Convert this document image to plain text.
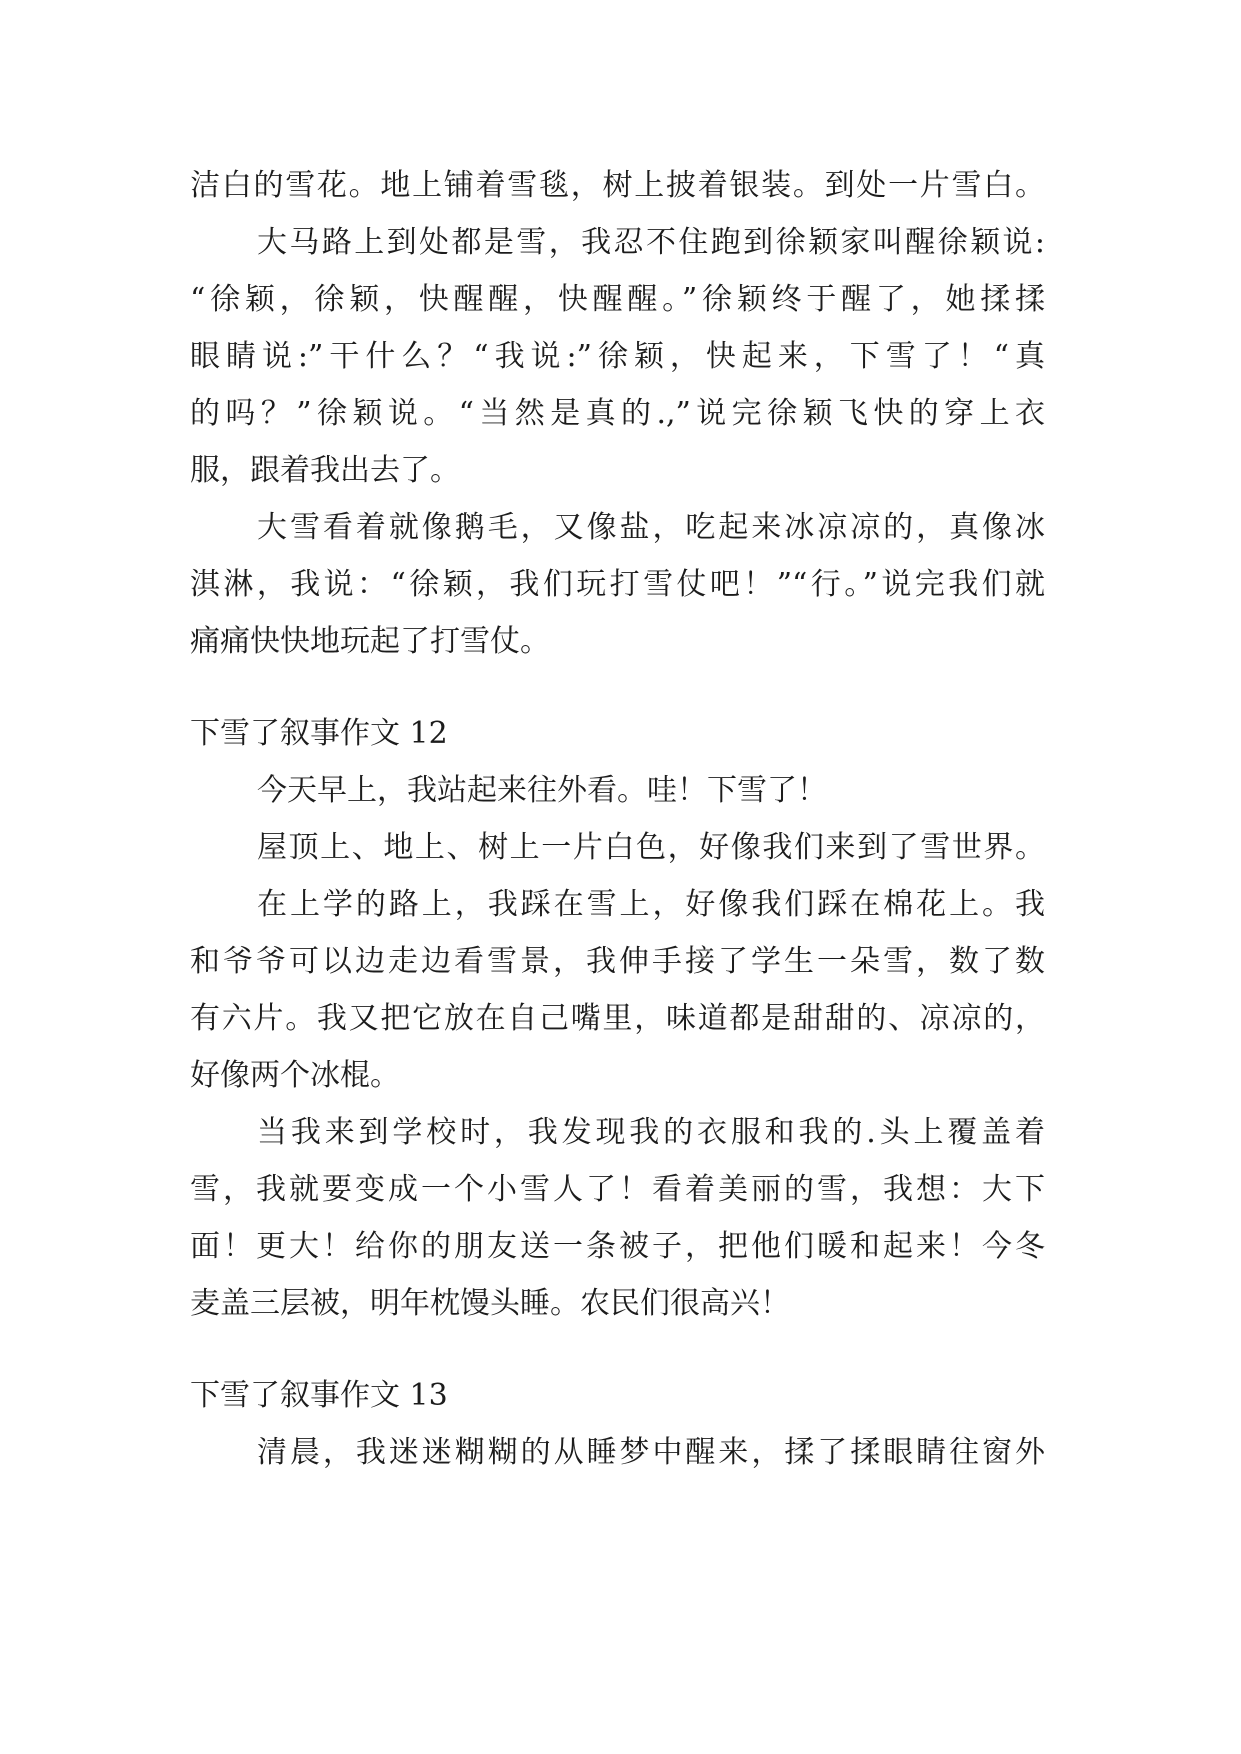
洁白的雪花。地上铺着雪毯，树上披着银装。到处一片雪白。
大马路上到处都是雪，我忍不住跑到徐颖家叫醒徐颖说:
“徐颖，徐颖，快醒醒，快醒醒。”徐颖终于醒了，她揉揉
眼睛说:”干什么？“我说:”徐颖，快起来，下雪了！“真
的吗？”徐颖说。“当然是真的.,”说完徐颖飞快的穿上衣
服，跟着我出去了。
大雪看着就像鹅毛，又像盐，吃起来冰凉凉的，真像冰
淇淋，我说：“徐颖，我们玩打雪仗吧！”“行。”说完我们就
痛痛快快地玩起了打雪仗。
下雪了叙事作文 12
今天早上，我站起来往外看。哇！下雪了！
屋顶上、地上、树上一片白色，好像我们来到了雪世界。
在上学的路上，我踩在雪上，好像我们踩在棉花上。我
和爷爷可以边走边看雪景，我伸手接了学生一朵雪，数了数
有六片。我又把它放在自己嘴里，味道都是甜甜的、凉凉的，
好像两个冰棍。
当我来到学校时，我发现我的衣服和我的.头上覆盖着
雪，我就要变成一个小雪人了！看着美丽的雪，我想：大下
面！更大！给你的朋友送一条被子，把他们暖和起来！今冬
麦盖三层被，明年枕馒头睡。农民们很高兴！
下雪了叙事作文 13
清晨，我迷迷糊糊的从睡梦中醒来，揉了揉眼睛往窗外
